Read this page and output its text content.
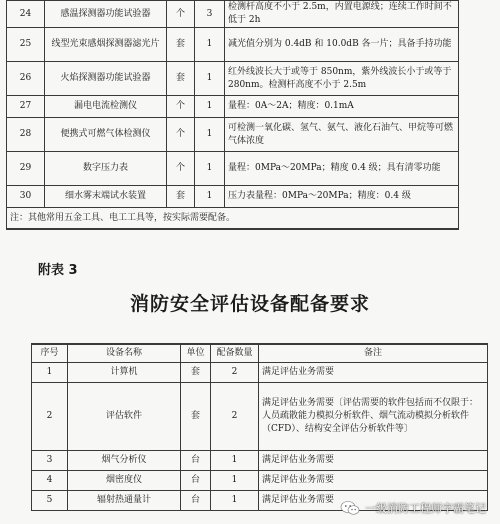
24	感温探测器功能试验器	个	3	检测杆高度不小于 2.5m，内置电源线；连续工作时间不低于 2h
25	线型光束感烟探测器滤光片	套	1	减光值分别为 0.4dB 和 10.0dB 各一片；具备手持功能
26	火焰探测器功能试验器	套	1	红外线波长大于或等于 850nm，紫外线波长小于或等于 280nm。检测杆高度不小于 2.5m
27	漏电电流检测仪	个	1	量程：0A～2A；精度：0.1mA
28	便携式可燃气体检测仪	个	1	可检测一氧化碳、氢气、氨气、液化石油气、甲烷等可燃气体浓度
29	数字压力表	个	1	量程：0MPa～20MPa；精度 0.4 级；具有清零功能
30	细水雾末端试水装置	套	1	压力表量程：0MPa～20MPa；精度：0.4 级
注：其他常用五金工具、电工工具等，按实际需要配备。				
附表 3
消防安全评估设备配备要求
序号	设备名称	单位	配备数量	备注
1	计算机	套	2	满足评估业务需要
2	评估软件	套	2	满足评估业务需要〔评估需要的软件包括而不仅限于：人员疏散能力模拟分析软件、烟气流动模拟分析软件（CFD）、结构安全评估分析软件等〕
3	烟气分析仪	台	1	满足评估业务需要
4	烟密度仪	台	1	满足评估业务需要
5	辐射热通量计	台	1	满足评估业务需要
一级消防工程师字霸笔记
